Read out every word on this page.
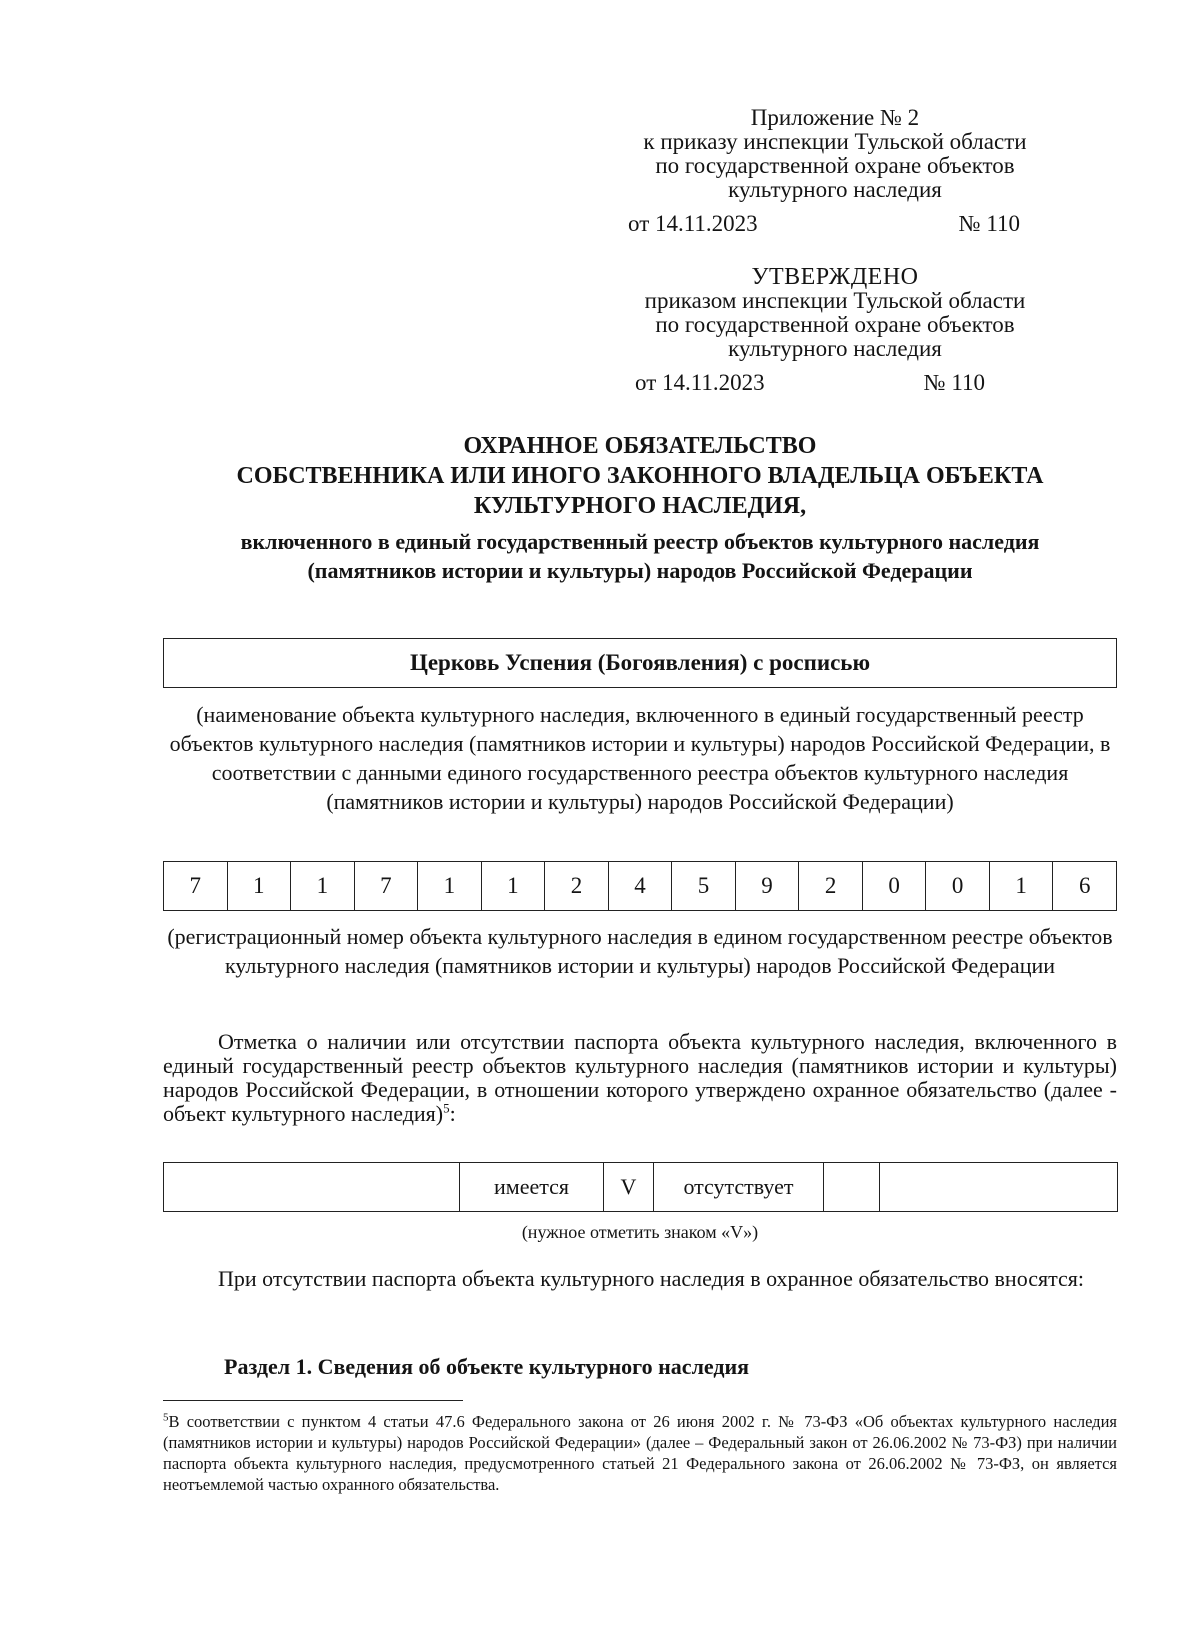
Приложение № 2
к приказу инспекции Тульской области
по государственной охране объектов
культурного наследия
от 14.11.2023	№ 110
УТВЕРЖДЕНО
приказом инспекции Тульской области
по государственной охране объектов
культурного наследия
от 14.11.2023	№ 110
ОХРАННОЕ ОБЯЗАТЕЛЬСТВО
СОБСТВЕННИКА ИЛИ ИНОГО ЗАКОННОГО ВЛАДЕЛЬЦА ОБЪЕКТА
КУЛЬТУРНОГО НАСЛЕДИЯ,
включенного в единый государственный реестр объектов культурного наследия (памятников истории и культуры) народов Российской Федерации
Церковь Успения (Богоявления) с росписью
(наименование объекта культурного наследия, включенного в единый государственный реестр объектов культурного наследия (памятников истории и культуры) народов Российской Федерации, в соответствии с данными единого государственного реестра объектов культурного наследия (памятников истории и культуры) народов Российской Федерации)
7	1	1	7	1	1	2	4	5	9	2	0	0	1	6
(регистрационный номер объекта культурного наследия в едином государственном реестре объектов культурного наследия (памятников истории и культуры) народов Российской Федерации
Отметка о наличии или отсутствии паспорта объекта культурного наследия, включенного в единый государственный реестр объектов культурного наследия (памятников истории и культуры) народов Российской Федерации, в отношении которого утверждено охранное обязательство (далее - объект культурного наследия)$^5$:
	имеется	V	отсутствует		
(нужное отметить знаком «V»)
При отсутствии паспорта объекта культурного наследия в охранное обязательство вносятся:
Раздел 1. Сведения об объекте культурного наследия
$^5$В соответствии с пунктом 4 статьи 47.6 Федерального закона от 26 июня 2002 г. № 73-ФЗ «Об объектах культурного наследия (памятников истории и культуры) народов Российской Федерации» (далее – Федеральный закон от 26.06.2002 № 73-ФЗ) при наличии паспорта объекта культурного наследия, предусмотренного статьей 21 Федерального закона от 26.06.2002 № 73-ФЗ, он является неотъемлемой частью охранного обязательства.
